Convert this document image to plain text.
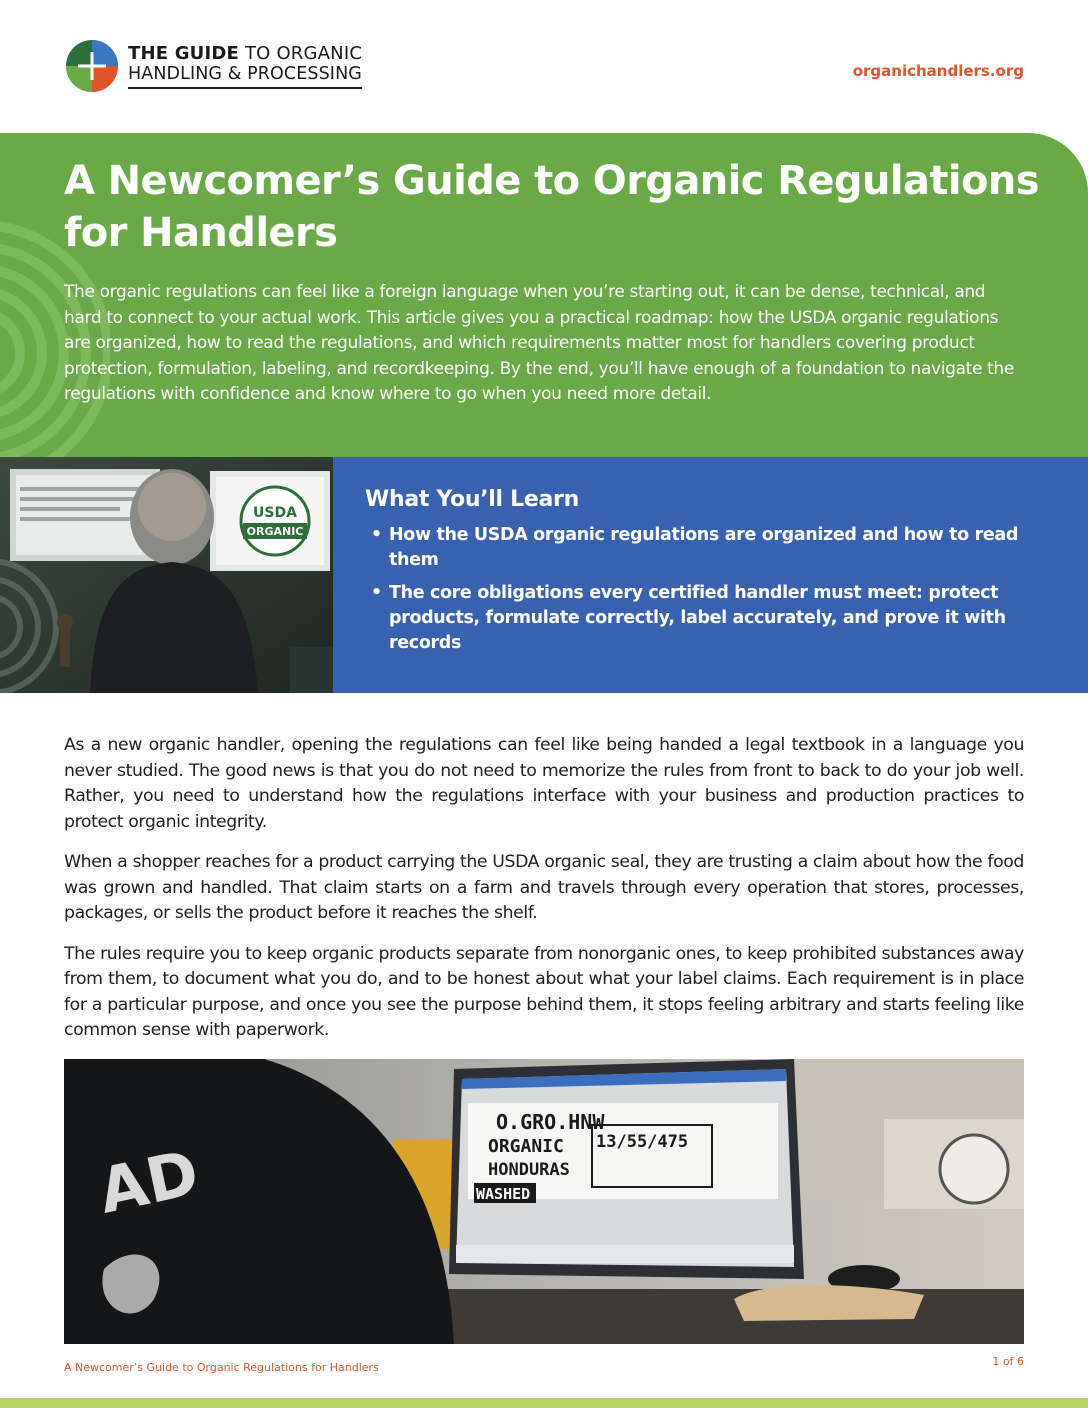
THE GUIDE TO ORGANIC
HANDLING & PROCESSING	organichandlers.org
A Newcomer’s Guide to Organic Regulations for Handlers

The organic regulations can feel like a foreign language when you’re starting out, it can be dense, technical, and hard to connect to your actual work. This article gives you a practical roadmap: how the USDA organic regulations are organized, how to read the regulations, and which requirements matter most for handlers covering product protection, formulation, labeling, and recordkeeping. By the end, you’ll have enough of a foundation to navigate the regulations with confidence and know where to go when you need more detail.

USDA
ORGANIC
What You’ll Learn
• How the USDA organic regulations are organized and how to read them
• The core obligations every certified handler must meet: protect products, formulate correctly, label accurately, and prove it with records

As a new organic handler, opening the regulations can feel like being handed a legal textbook in a language you never studied. The good news is that you do not need to memorize the rules from front to back to do your job well. Rather, you need to understand how the regulations interface with your business and production practices to protect organic integrity.

When a shopper reaches for a product carrying the USDA organic seal, they are trusting a claim about how the food was grown and handled. That claim starts on a farm and travels through every operation that stores, processes, packages, or sells the product before it reaches the shelf.

The rules require you to keep organic products separate from nonorganic ones, to keep prohibited substances away from them, to document what you do, and to be honest about what your label claims. Each requirement is in place for a particular purpose, and once you see the purpose behind them, it stops feeling arbitrary and starts feeling like common sense with paperwork.

O.GRO.HNW
ORGANIC
HONDURAS
WASHED
13/55/475
AD
A Newcomer’s Guide to Organic Regulations for Handlers	1 of 6
